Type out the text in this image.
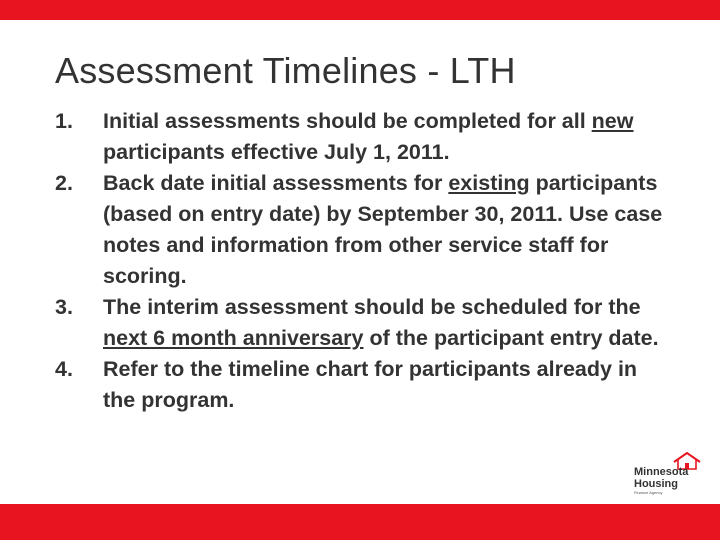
Assessment Timelines - LTH
1.	Initial assessments should be completed for all new participants effective July 1, 2011.
2.	Back date initial assessments for existing participants (based on entry date) by September 30, 2011. Use case notes and information from other service staff for scoring.
3.	The interim assessment should be scheduled for the next 6 month anniversary of the participant entry date.
4.	Refer to the timeline chart for participants already in the program.
Minnesota
Housing
Finance Agency
